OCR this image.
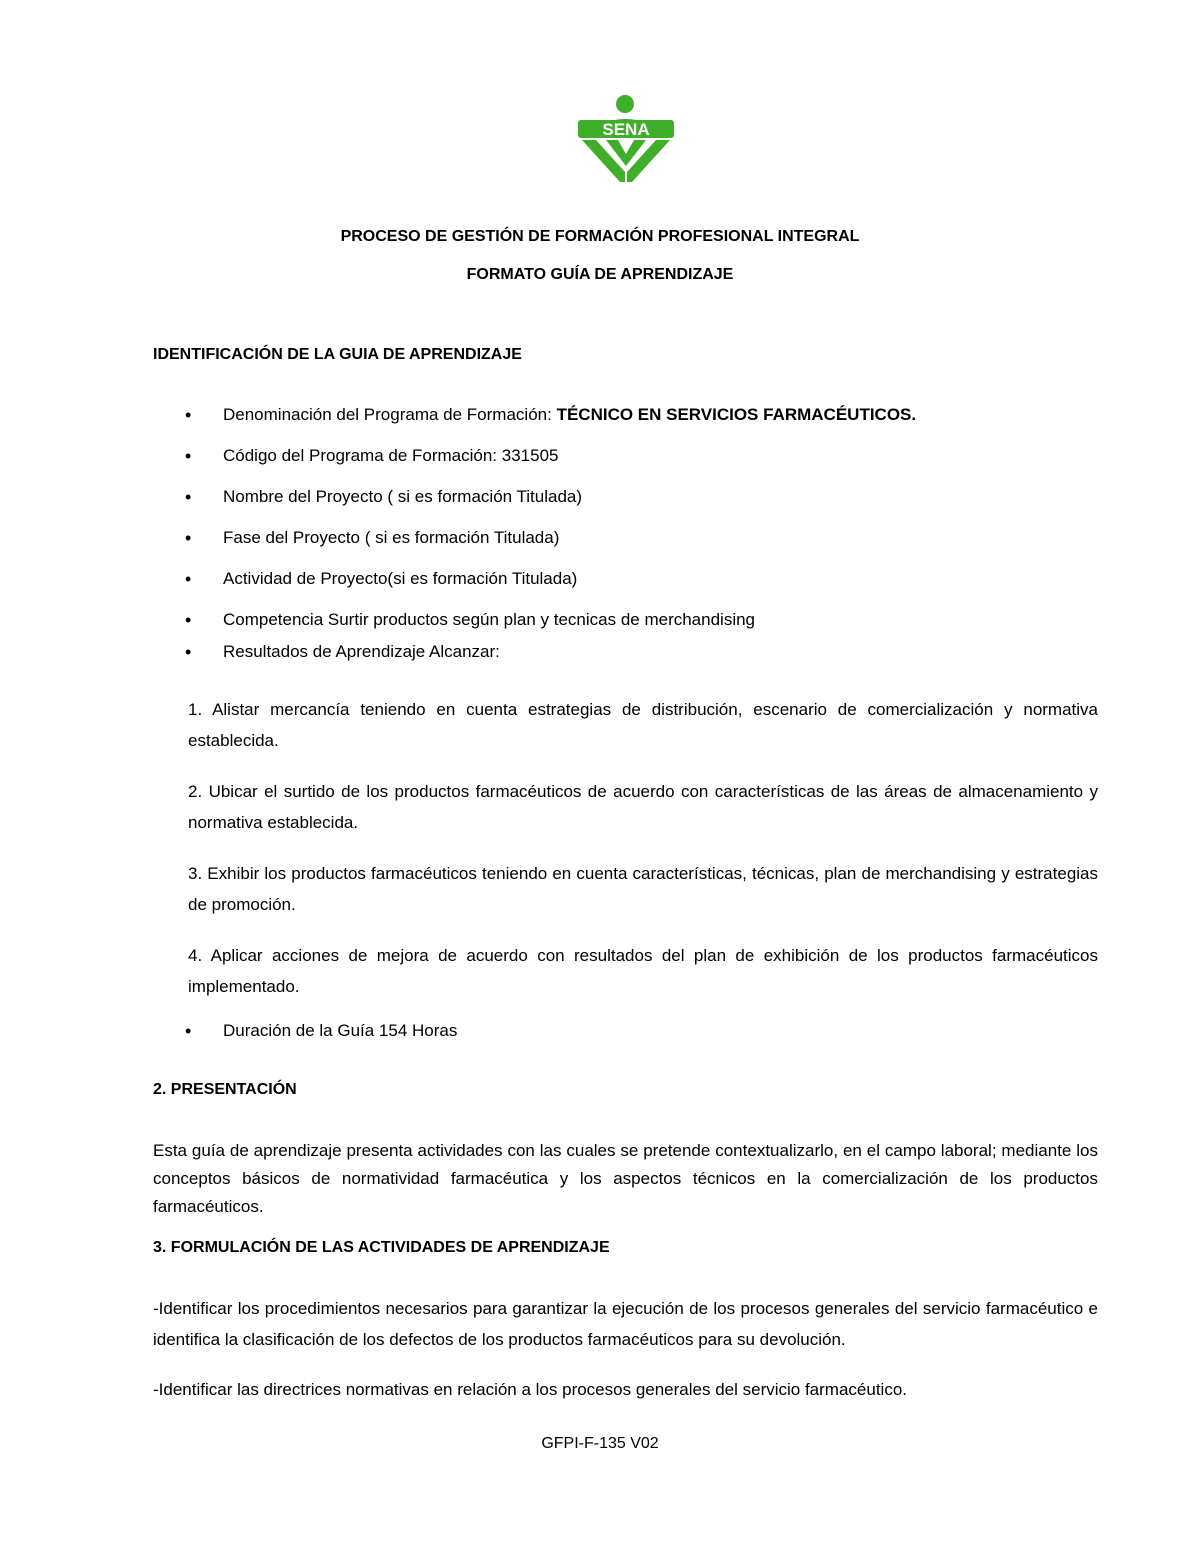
SENA
PROCESO DE GESTIÓN DE FORMACIÓN PROFESIONAL INTEGRAL
FORMATO GUÍA DE APRENDIZAJE
IDENTIFICACIÓN DE LA GUIA DE APRENDIZAJE
• Denominación del Programa de Formación: TÉCNICO EN SERVICIOS FARMACÉUTICOS.
• Código del Programa de Formación: 331505
• Nombre del Proyecto ( si es formación Titulada)
• Fase del Proyecto ( si es formación Titulada)
• Actividad de Proyecto(si es formación Titulada)
• Competencia Surtir productos según plan y tecnicas de merchandising
• Resultados de Aprendizaje Alcanzar:

1. Alistar mercancía teniendo en cuenta estrategias de distribución, escenario de comercialización y normativa establecida.

2. Ubicar el surtido de los productos farmacéuticos de acuerdo con características de las áreas de almacenamiento y normativa establecida.

3. Exhibir los productos farmacéuticos teniendo en cuenta características, técnicas, plan de merchandising y estrategias de promoción.

4. Aplicar acciones de mejora de acuerdo con resultados del plan de exhibición de los productos farmacéuticos implementado.

• Duración de la Guía 154 Horas
2. PRESENTACIÓN

Esta guía de aprendizaje presenta actividades con las cuales se pretende contextualizarlo, en el campo laboral; mediante los conceptos básicos de normatividad farmacéutica y los aspectos técnicos en la comercialización de los productos farmacéuticos.

3. FORMULACIÓN DE LAS ACTIVIDADES DE APRENDIZAJE

-Identificar los procedimientos necesarios para garantizar la ejecución de los procesos generales del servicio farmacéutico e identifica la clasificación de los defectos de los productos farmacéuticos para su devolución.

-Identificar las directrices normativas en relación a los procesos generales del servicio farmacéutico.

GFPI-F-135 V02
